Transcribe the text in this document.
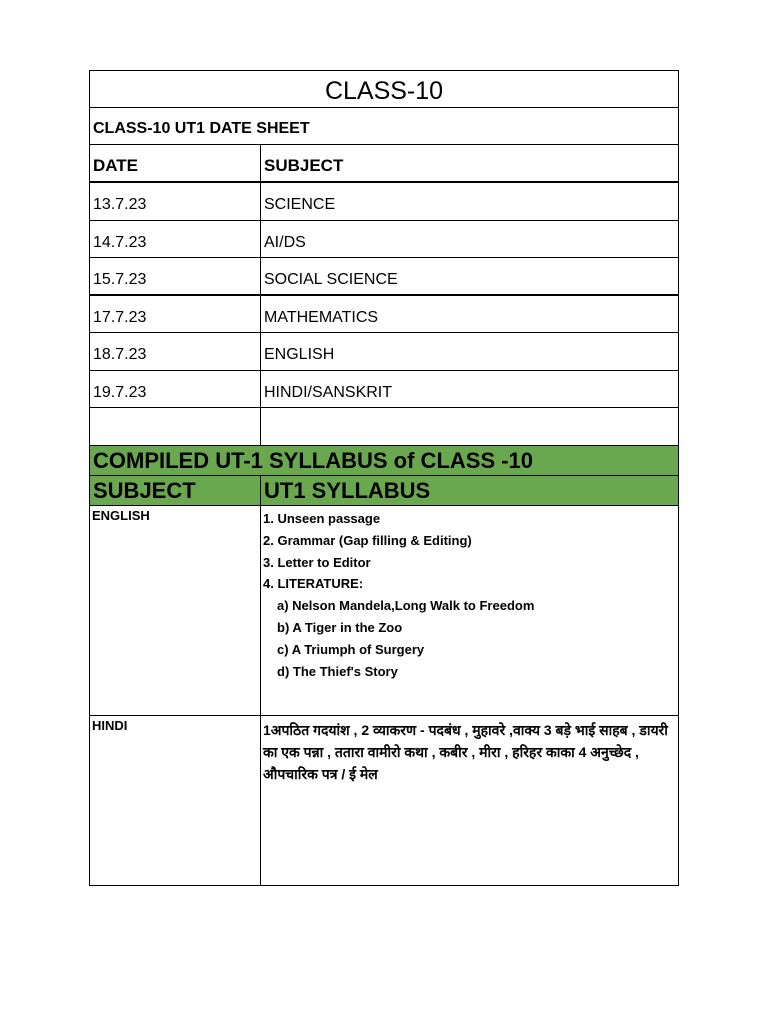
CLASS-10
CLASS-10 UT1 DATE SHEET
DATE	SUBJECT
13.7.23	SCIENCE
14.7.23	AI/DS
15.7.23	SOCIAL SCIENCE
17.7.23	MATHEMATICS
18.7.23	ENGLISH
19.7.23	HINDI/SANSKRIT
COMPILED UT-1 SYLLABUS of CLASS -10
SUBJECT	UT1 SYLLABUS
ENGLISH	1. Unseen passage
2. Grammar (Gap filling & Editing)
3. Letter to Editor
4. LITERATURE:
a) Nelson Mandela,Long Walk to Freedom
b) A Tiger in the Zoo
c) A Triumph of Surgery
d) The Thief's Story
HINDI	1अपठित गदयांश , 2 व्याकरण - पदबंध , मुहावरे ,वाक्य 3 बड़े भाई साहब , डायरी का एक पन्ना , ततारा वामीरो कथा , कबीर , मीरा , हरिहर काका 4 अनुच्छेद , औपचारिक पत्र / ई मेल
